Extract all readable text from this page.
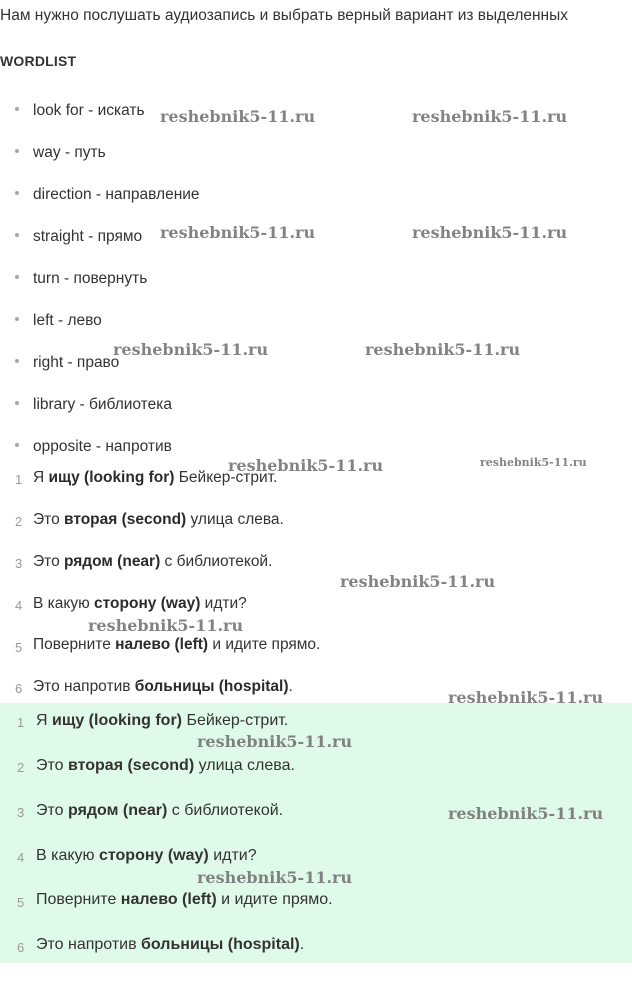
Нам нужно послушать аудиозапись и выбрать верный вариант из выделенных
WORDLIST
look for - искать
way - путь
direction - направление
straight - прямо
turn - повернуть
left - лево
right - право
library - библиотека
opposite - напротив
1 Я ищу (looking for) Бейкер-стрит.
2 Это вторая (second) улица слева.
3 Это рядом (near) с библиотекой.
4 В какую сторону (way) идти?
5 Поверните налево (left) и идите прямо.
6 Это напротив больницы (hospital).
1 Я ищу (looking for) Бейкер-стрит.
2 Это вторая (second) улица слева.
3 Это рядом (near) с библиотекой.
4 В какую сторону (way) идти?
5 Поверните налево (left) и идите прямо.
6 Это напротив больницы (hospital).
reshebnik5-11.ru	reshebnik5-11.ru
reshebnik5-11.ru	reshebnik5-11.ru
reshebnik5-11.ru	reshebnik5-11.ru
reshebnik5-11.ru	reshebnik5-11.ru
reshebnik5-11.ru
reshebnik5-11.ru
reshebnik5-11.ru
reshebnik5-11.ru
reshebnik5-11.ru
reshebnik5-11.ru
